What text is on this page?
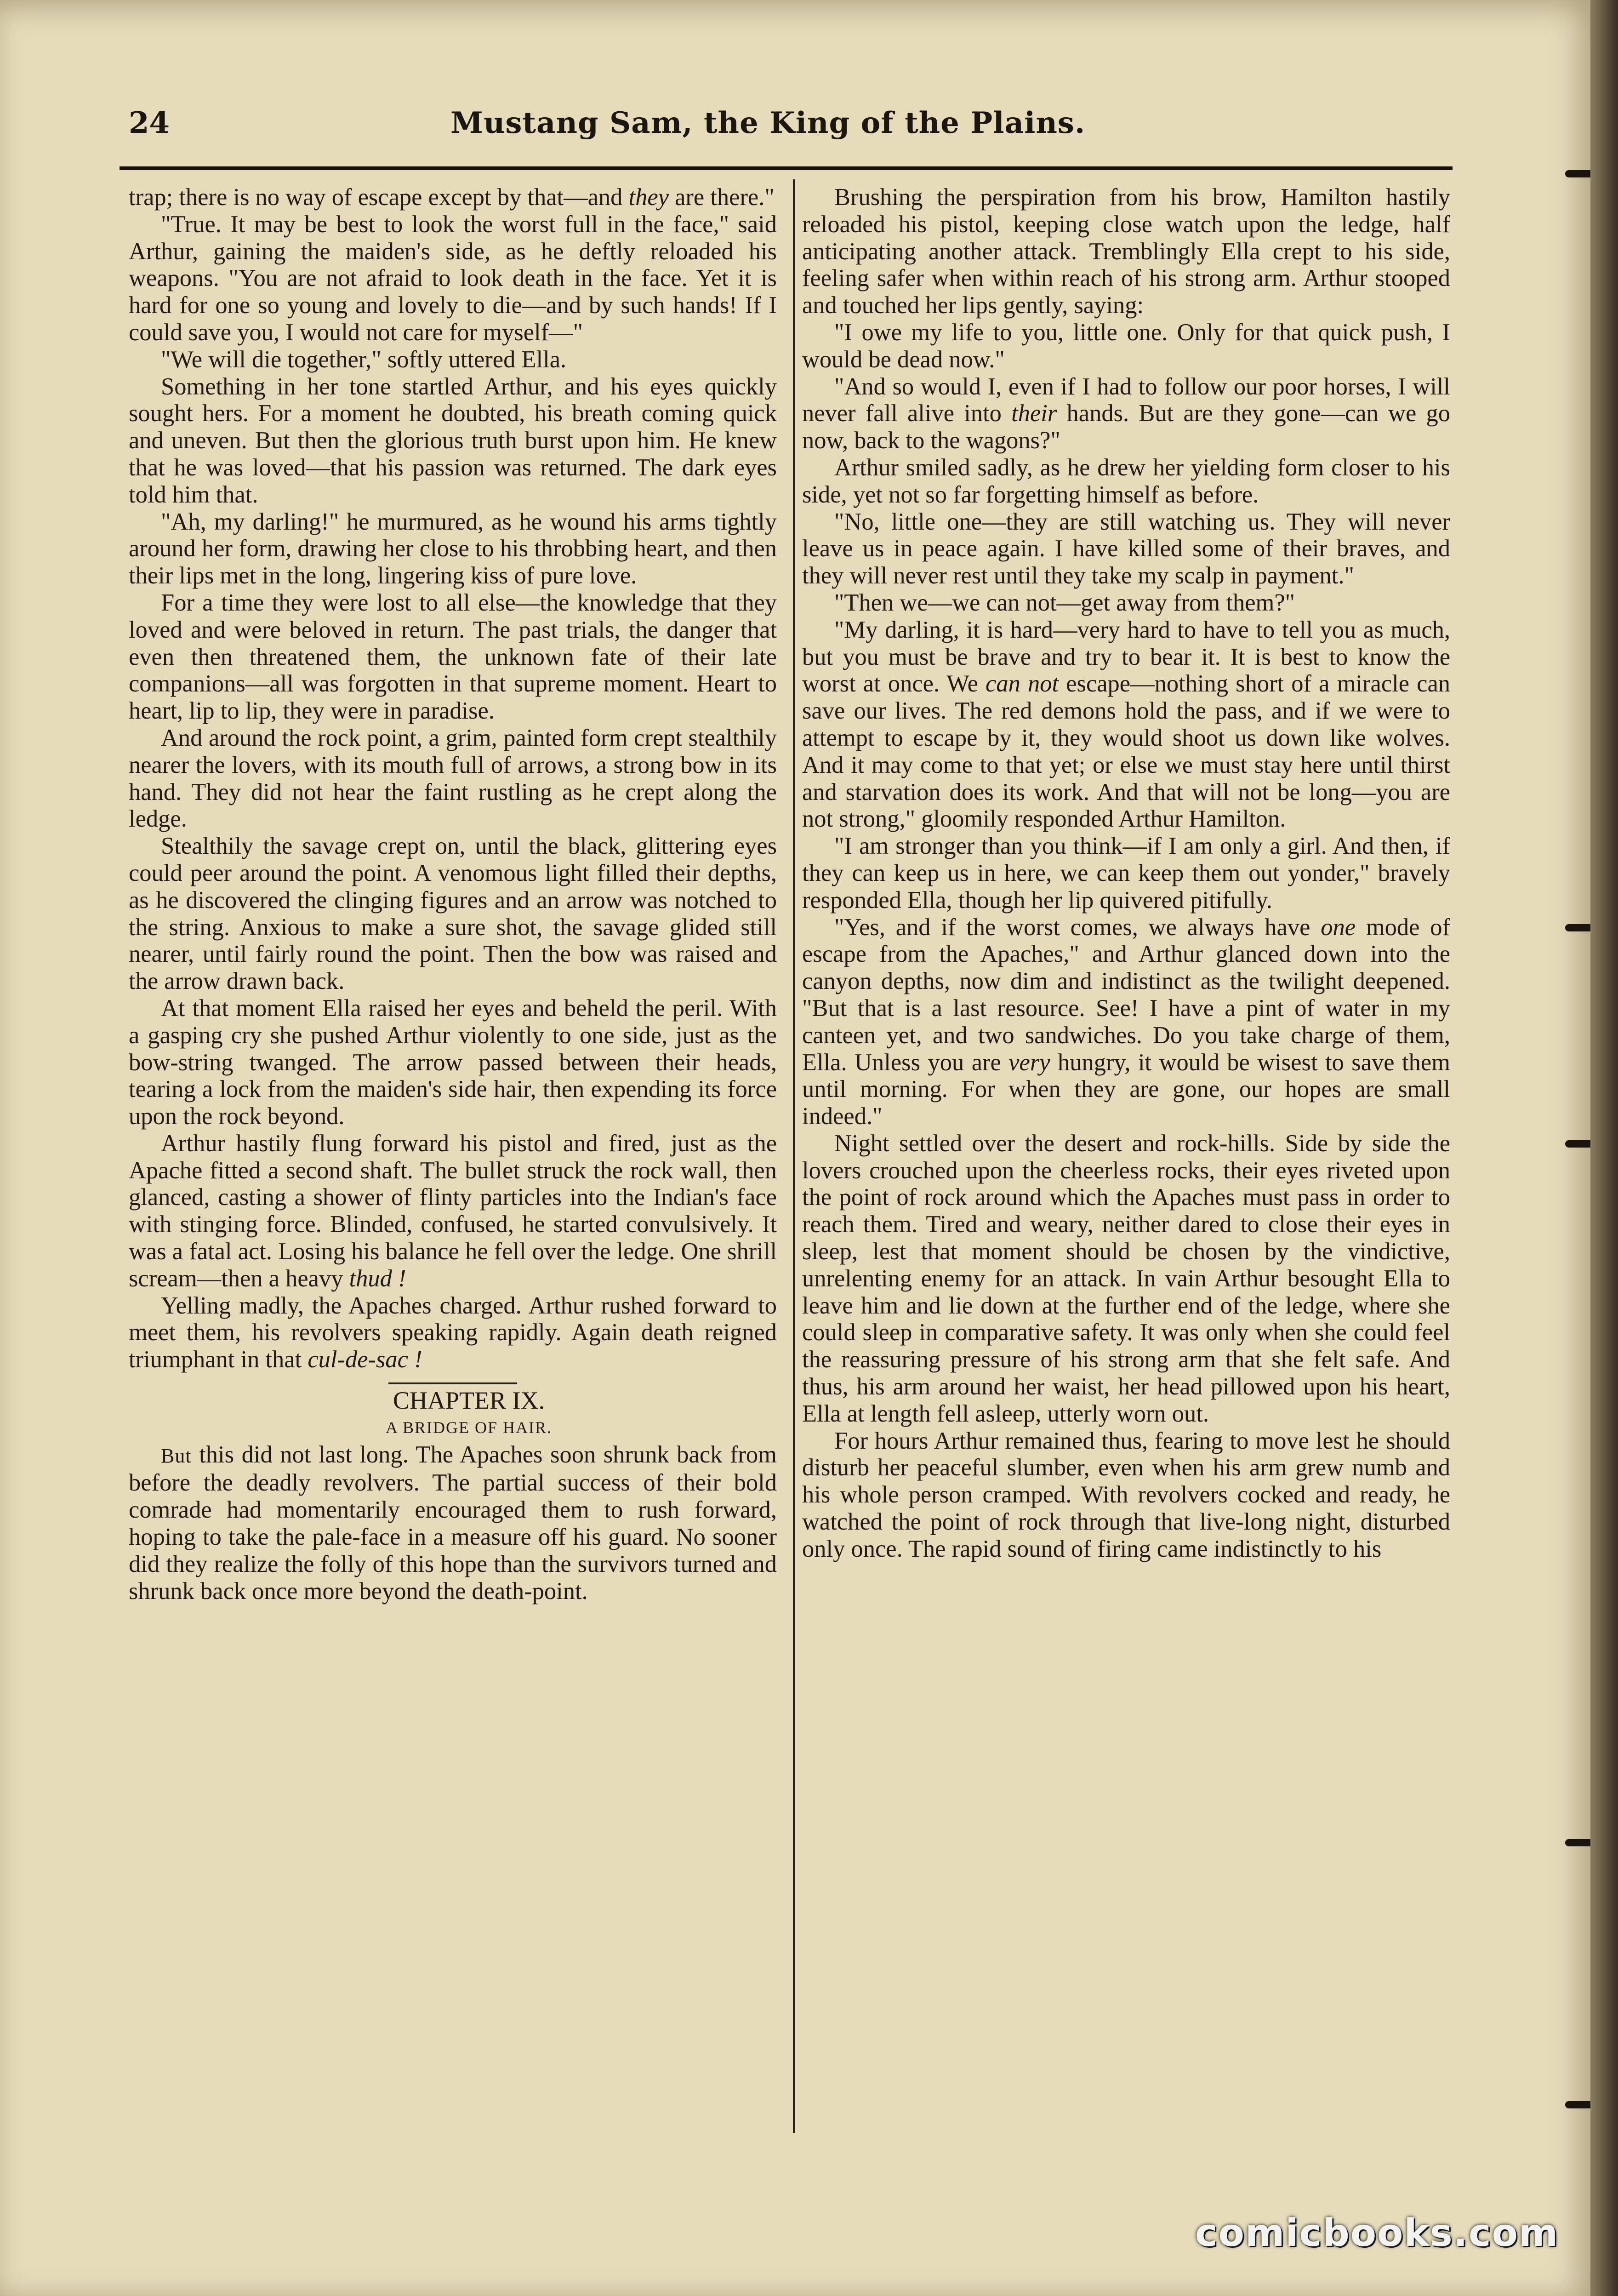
24	Mustang Sam, the King of the Plains.

trap; there is no way of escape except by that—and they are there."

"True. It may be best to look the worst full in the face," said Arthur, gaining the maiden's side, as he deftly reloaded his weapons. "You are not afraid to look death in the face. Yet it is hard for one so young and lovely to die—and by such hands! If I could save you, I would not care for myself—"

"We will die together," softly uttered Ella.

Something in her tone startled Arthur, and his eyes quickly sought hers. For a moment he doubted, his breath coming quick and uneven. But then the glorious truth burst upon him. He knew that he was loved—that his passion was returned. The dark eyes told him that.

"Ah, my darling!" he murmured, as he wound his arms tightly around her form, drawing her close to his throbbing heart, and then their lips met in the long, lingering kiss of pure love.

For a time they were lost to all else—the knowledge that they loved and were beloved in return. The past trials, the danger that even then threatened them, the unknown fate of their late companions—all was forgotten in that supreme moment. Heart to heart, lip to lip, they were in paradise.

And around the rock point, a grim, painted form crept stealthily nearer the lovers, with its mouth full of arrows, a strong bow in its hand. They did not hear the faint rustling as he crept along the ledge.

Stealthily the savage crept on, until the black, glittering eyes could peer around the point. A venomous light filled their depths, as he discovered the clinging figures and an arrow was notched to the string. Anxious to make a sure shot, the savage glided still nearer, until fairly round the point. Then the bow was raised and the arrow drawn back.

At that moment Ella raised her eyes and beheld the peril. With a gasping cry she pushed Arthur violently to one side, just as the bow-string twanged. The arrow passed between their heads, tearing a lock from the maiden's side hair, then expending its force upon the rock beyond.

Arthur hastily flung forward his pistol and fired, just as the Apache fitted a second shaft. The bullet struck the rock wall, then glanced, casting a shower of flinty particles into the Indian's face with stinging force. Blinded, confused, he started convulsively. It was a fatal act. Losing his balance he fell over the ledge. One shrill scream—then a heavy thud !

Yelling madly, the Apaches charged. Arthur rushed forward to meet them, his revolvers speaking rapidly. Again death reigned triumphant in that cul-de-sac !

CHAPTER IX.

A BRIDGE OF HAIR.

But this did not last long. The Apaches soon shrunk back from before the deadly revolvers. The partial success of their bold comrade had momentarily encouraged them to rush forward, hoping to take the pale-face in a measure off his guard. No sooner did they realize the folly of this hope than the survivors turned and shrunk back once more beyond the death-point.

Brushing the perspiration from his brow, Hamilton hastily reloaded his pistol, keeping close watch upon the ledge, half anticipating another attack. Tremblingly Ella crept to his side, feeling safer when within reach of his strong arm. Arthur stooped and touched her lips gently, saying:

"I owe my life to you, little one. Only for that quick push, I would be dead now."

"And so would I, even if I had to follow our poor horses, I will never fall alive into their hands. But are they gone—can we go now, back to the wagons?"

Arthur smiled sadly, as he drew her yielding form closer to his side, yet not so far forgetting himself as before.

"No, little one—they are still watching us. They will never leave us in peace again. I have killed some of their braves, and they will never rest until they take my scalp in payment."

"Then we—we can not—get away from them?"

"My darling, it is hard—very hard to have to tell you as much, but you must be brave and try to bear it. It is best to know the worst at once. We can not escape—nothing short of a miracle can save our lives. The red demons hold the pass, and if we were to attempt to escape by it, they would shoot us down like wolves. And it may come to that yet; or else we must stay here until thirst and starvation does its work. And that will not be long—you are not strong," gloomily responded Arthur Hamilton.

"I am stronger than you think—if I am only a girl. And then, if they can keep us in here, we can keep them out yonder," bravely responded Ella, though her lip quivered pitifully.

"Yes, and if the worst comes, we always have one mode of escape from the Apaches," and Arthur glanced down into the canyon depths, now dim and indistinct as the twilight deepened. "But that is a last resource. See! I have a pint of water in my canteen yet, and two sandwiches. Do you take charge of them, Ella. Unless you are very hungry, it would be wisest to save them until morning. For when they are gone, our hopes are small indeed."

Night settled over the desert and rock-hills. Side by side the lovers crouched upon the cheerless rocks, their eyes riveted upon the point of rock around which the Apaches must pass in order to reach them. Tired and weary, neither dared to close their eyes in sleep, lest that moment should be chosen by the vindictive, unrelenting enemy for an attack. In vain Arthur besought Ella to leave him and lie down at the further end of the ledge, where she could sleep in comparative safety. It was only when she could feel the reassuring pressure of his strong arm that she felt safe. And thus, his arm around her waist, her head pillowed upon his heart, Ella at length fell asleep, utterly worn out.

For hours Arthur remained thus, fearing to move lest he should disturb her peaceful slumber, even when his arm grew numb and his whole person cramped. With revolvers cocked and ready, he watched the point of rock through that live-long night, disturbed only once. The rapid sound of firing came indistinctly to his

comicbooks.com
